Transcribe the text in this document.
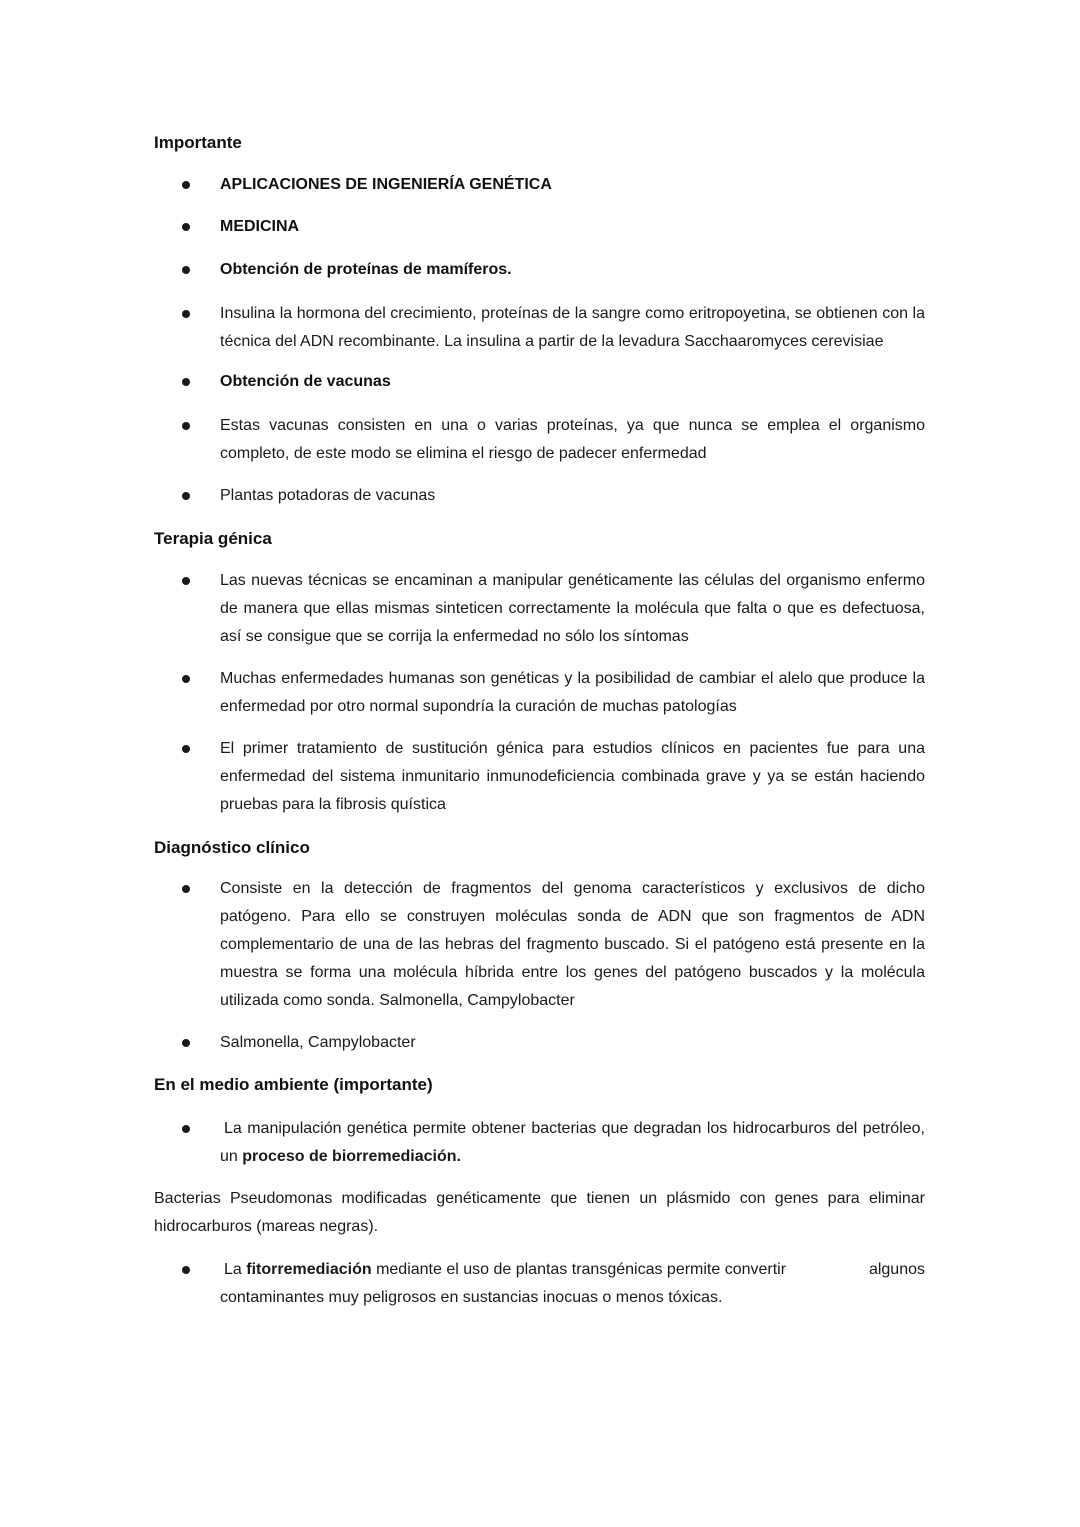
Importante
APLICACIONES DE INGENIERÍA GENÉTICA
MEDICINA
Obtención de proteínas de mamíferos.
Insulina la hormona del crecimiento, proteínas de la sangre como eritropoyetina, se obtienen con la técnica del ADN recombinante. La insulina a partir de la levadura Sacchaaromyces cerevisiae
Obtención de vacunas
Estas vacunas consisten en una o varias proteínas, ya que nunca se emplea el organismo completo, de este modo se elimina el riesgo de padecer enfermedad
Plantas potadoras de vacunas
Terapia génica
Las nuevas técnicas se encaminan a manipular genéticamente las células del organismo enfermo de manera que ellas mismas sinteticen correctamente la molécula que falta o que es defectuosa, así se consigue que se corrija la enfermedad no sólo los síntomas
Muchas enfermedades humanas son genéticas y la posibilidad de cambiar el alelo que produce la enfermedad por otro normal supondría la curación de muchas patologías
El primer tratamiento de sustitución génica para estudios clínicos en pacientes fue para una enfermedad del sistema inmunitario inmunodeficiencia combinada grave y ya se están haciendo pruebas para la fibrosis quística
Diagnóstico clínico
Consiste en la detección de fragmentos del genoma característicos y exclusivos de dicho patógeno. Para ello se construyen moléculas sonda de ADN que son fragmentos de ADN complementario de una de las hebras del fragmento buscado. Si el patógeno está presente en la muestra se forma una molécula híbrida entre los genes del patógeno buscados y la molécula utilizada como sonda. Salmonella, Campylobacter
Salmonella, Campylobacter
En el medio ambiente (importante)
La manipulación genética permite obtener bacterias que degradan los hidrocarburos del petróleo, un proceso de biorremediación.
Bacterias Pseudomonas modificadas genéticamente que tienen un plásmido con genes para eliminar hidrocarburos (mareas negras).
La fitorremediación mediante el uso de plantas transgénicas permite convertir	algunos
contaminantes muy peligrosos en sustancias inocuas o menos tóxicas.
